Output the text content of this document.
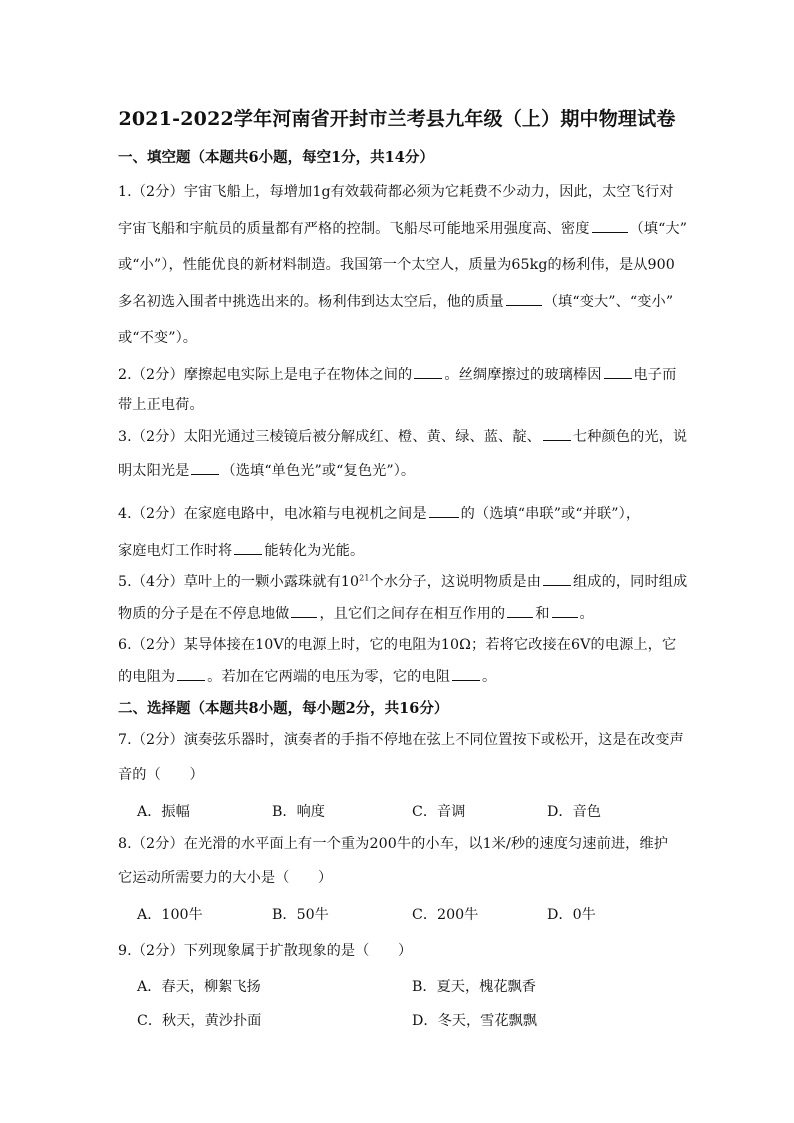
2021-2022学年河南省开封市兰考县九年级（上）期中物理试卷
一、填空题（本题共6小题，每空1分，共14分）
1.（2分）宇宙飞船上，每增加1g有效载荷都必须为它耗费不少动力，因此，太空飞行对
宇宙飞船和宇航员的质量都有严格的控制。飞船尽可能地采用强度高、密度	（填“大”
或“小”），性能优良的新材料制造。我国第一个太空人，质量为65kg的杨利伟，是从900
多名初选入围者中挑选出来的。杨利伟到达太空后，他的质量	（填“变大”、“变小”
或“不变”）。
2.（2分）摩擦起电实际上是电子在物体之间的 。丝绸摩擦过的玻璃棒因 电子而
带上正电荷。
3.（2分）太阳光通过三棱镜后被分解成红、橙、黄、绿、蓝、靛、 七种颜色的光，说
明太阳光是 （选填“单色光”或“复色光”）。
4.（2分）在家庭电路中，电冰箱与电视机之间是 的（选填“串联”或“并联”），
家庭电灯工作时将 能转化为光能。
5.（4分）草叶上的一颗小露珠就有$10^{21}$个水分子，这说明物质是由 组成的，同时组成
物质的分子是在不停息地做 ，且它们之间存在相互作用的 和 。
6.（2分）某导体接在10V的电源上时，它的电阻为10Ω；若将它改接在6V的电源上，它
的电阻为 。若加在它两端的电压为零，它的电阻 。
二、选择题（本题共8小题，每小题2分，共16分）
7.（2分）演奏弦乐器时，演奏者的手指不停地在弦上不同位置按下或松开，这是在改变声
音的（　　）
A．振幅	B．响度	C．音调	D．音色
8.（2分）在光滑的水平面上有一个重为200牛的小车，以1米/秒的速度匀速前进，维护
它运动所需要力的大小是（　　）
A．100牛	B．50牛	C．200牛	D．0牛
9.（2分）下列现象属于扩散现象的是（　　）
A．春天，柳絮飞扬	B．夏天，槐花飘香
C．秋天，黄沙扑面	D．冬天，雪花飘飘
